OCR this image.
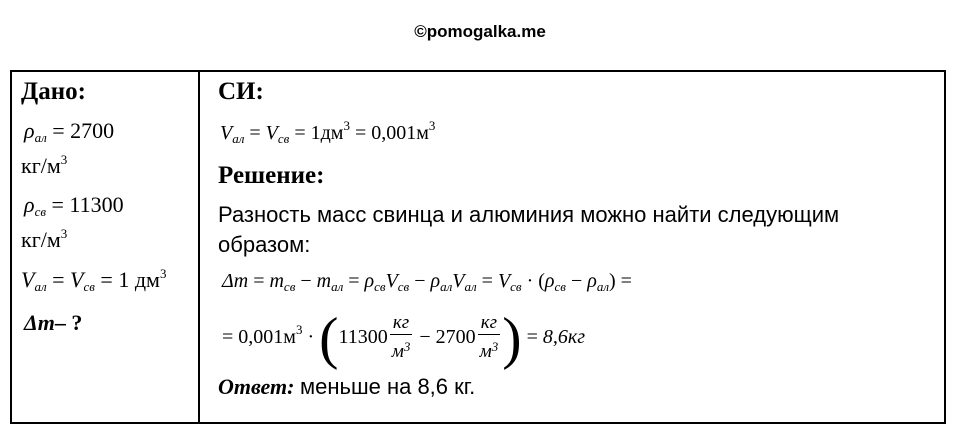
©pomogalka.me
Дано:
$\rho_{ал} = 2700$
$кг/м^3$
$\rho_{св} = 11300$
$кг/м^3$
$V_{ал} = V_{св} = 1$ $дм^3$
Δm– ?
СИ:
$V_{ал} = V_{св} = 1дм^3 = 0,001м^3$
Решение:
Разность масс свинца и алюминия можно найти следующим
образом:
$\Delta m = m_{св} - m_{ал} = \rho_{св}V_{св} - \rho_{ал}V_{ал} = V_{св} \cdot (\rho_{св} - \rho_{ал})$ =
= $0,001м^3 \cdot (11300 \frac{кг}{м^3} - 2700 \frac{кг}{м^3}$ ) = 8,6кг
Ответ: меньше на 8,6 кг.
